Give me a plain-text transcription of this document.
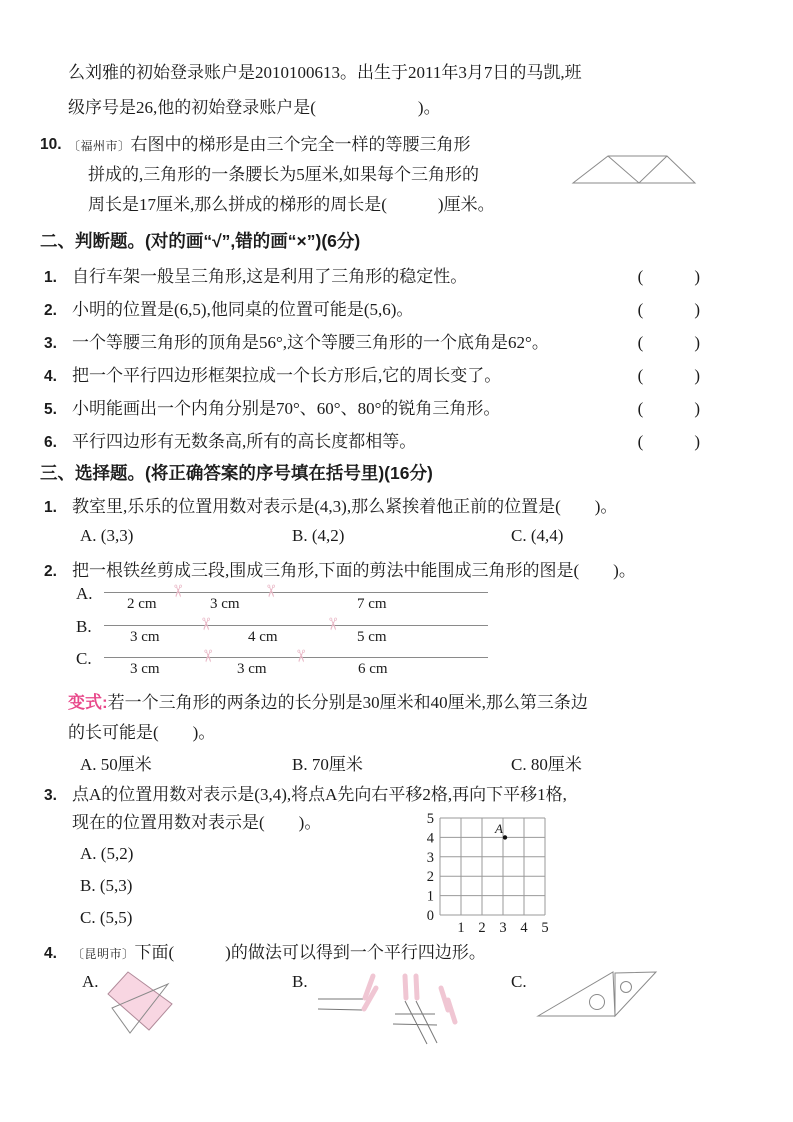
么刘雅的初始登录账户是2010100613。出生于2011年3月7日的马凯,班
级序号是26,他的初始登录账户是(　　　　　　)。
10. 〔福州市〕右图中的梯形是由三个完全一样的等腰三角形
拼成的,三角形的一条腰长为5厘米,如果每个三角形的
周长是17厘米,那么拼成的梯形的周长是(　　　)厘米。
二、判断题。(对的画“√”,错的画“×”)(6分)
1. 自行车架一般呈三角形,这是利用了三角形的稳定性。	(　　　)
2. 小明的位置是(6,5),他同桌的位置可能是(5,6)。	(　　　)
3. 一个等腰三角形的顶角是56°,这个等腰三角形的一个底角是62°。	(　　　)
4. 把一个平行四边形框架拉成一个长方形后,它的周长变了。	(　　　)
5. 小明能画出一个内角分别是70°、60°、80°的锐角三角形。	(　　　)
6. 平行四边形有无数条高,所有的高长度都相等。	(　　　)
三、选择题。(将正确答案的序号填在括号里)(16分)
1. 教室里,乐乐的位置用数对表示是(4,3),那么紧挨着他正前的位置是(　　)。
A. (3,3)	B. (4,2)	C. (4,4)
2. 把一根铁丝剪成三段,围成三角形,下面的剪法中能围成三角形的图是(　　)。
A.
2 cm
✂
3 cm
✂
7 cm
B.
3 cm
✂
4 cm
✂
5 cm
C.
3 cm
✂
3 cm
✂
6 cm
变式:若一个三角形的两条边的长分别是30厘米和40厘米,那么第三条边
的长可能是(　　)。
A. 50厘米	B. 70厘米	C. 80厘米
3. 点A的位置用数对表示是(3,4),将点A先向右平移2格,再向下平移1格,
现在的位置用数对表示是(　　)。
A. (5,2)
B. (5,3)
C. (5,5)
5
4
3
2
1
0
1 2 3 4 5
A
4.	〔昆明市〕下面(　　　)的做法可以得到一个平行四边形。
A.	B.	C.
